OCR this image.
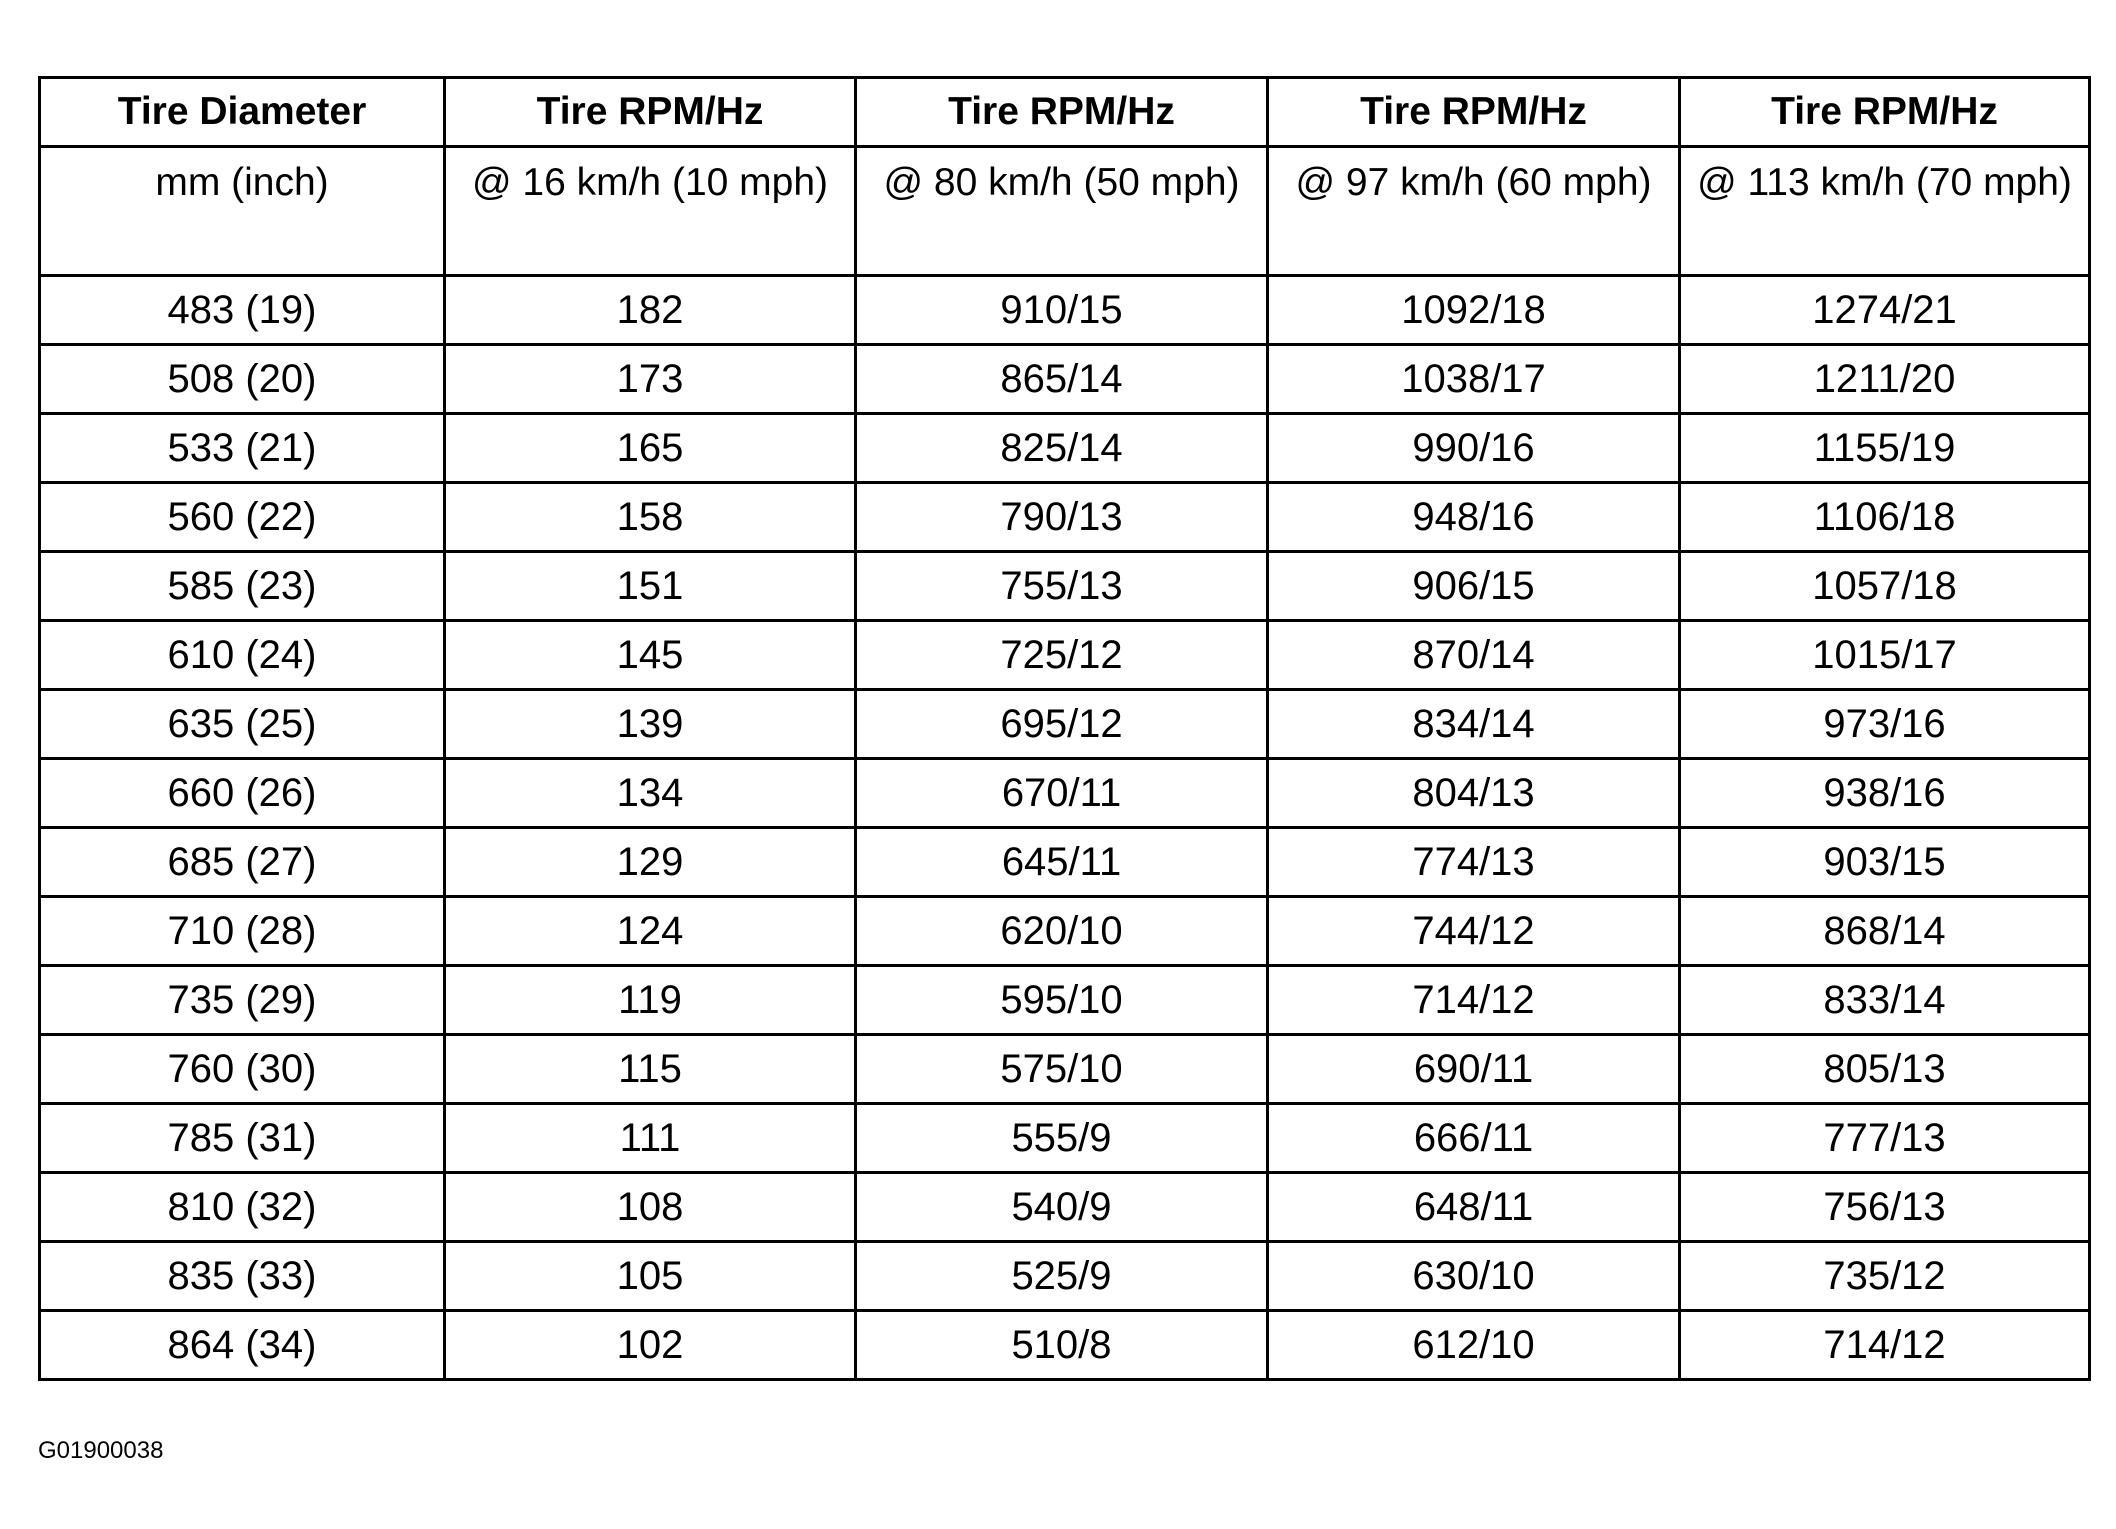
Tire Diameter	Tire RPM/Hz	Tire RPM/Hz	Tire RPM/Hz	Tire RPM/Hz
mm (inch)	@ 16 km/h (10 mph)	@ 80 km/h (50 mph)	@ 97 km/h (60 mph)	@ 113 km/h (70 mph)
483 (19)	182	910/15	1092/18	1274/21
508 (20)	173	865/14	1038/17	1211/20
533 (21)	165	825/14	990/16	1155/19
560 (22)	158	790/13	948/16	1106/18
585 (23)	151	755/13	906/15	1057/18
610 (24)	145	725/12	870/14	1015/17
635 (25)	139	695/12	834/14	973/16
660 (26)	134	670/11	804/13	938/16
685 (27)	129	645/11	774/13	903/15
710 (28)	124	620/10	744/12	868/14
735 (29)	119	595/10	714/12	833/14
760 (30)	115	575/10	690/11	805/13
785 (31)	111	555/9	666/11	777/13
810 (32)	108	540/9	648/11	756/13
835 (33)	105	525/9	630/10	735/12
864 (34)	102	510/8	612/10	714/12
G01900038
